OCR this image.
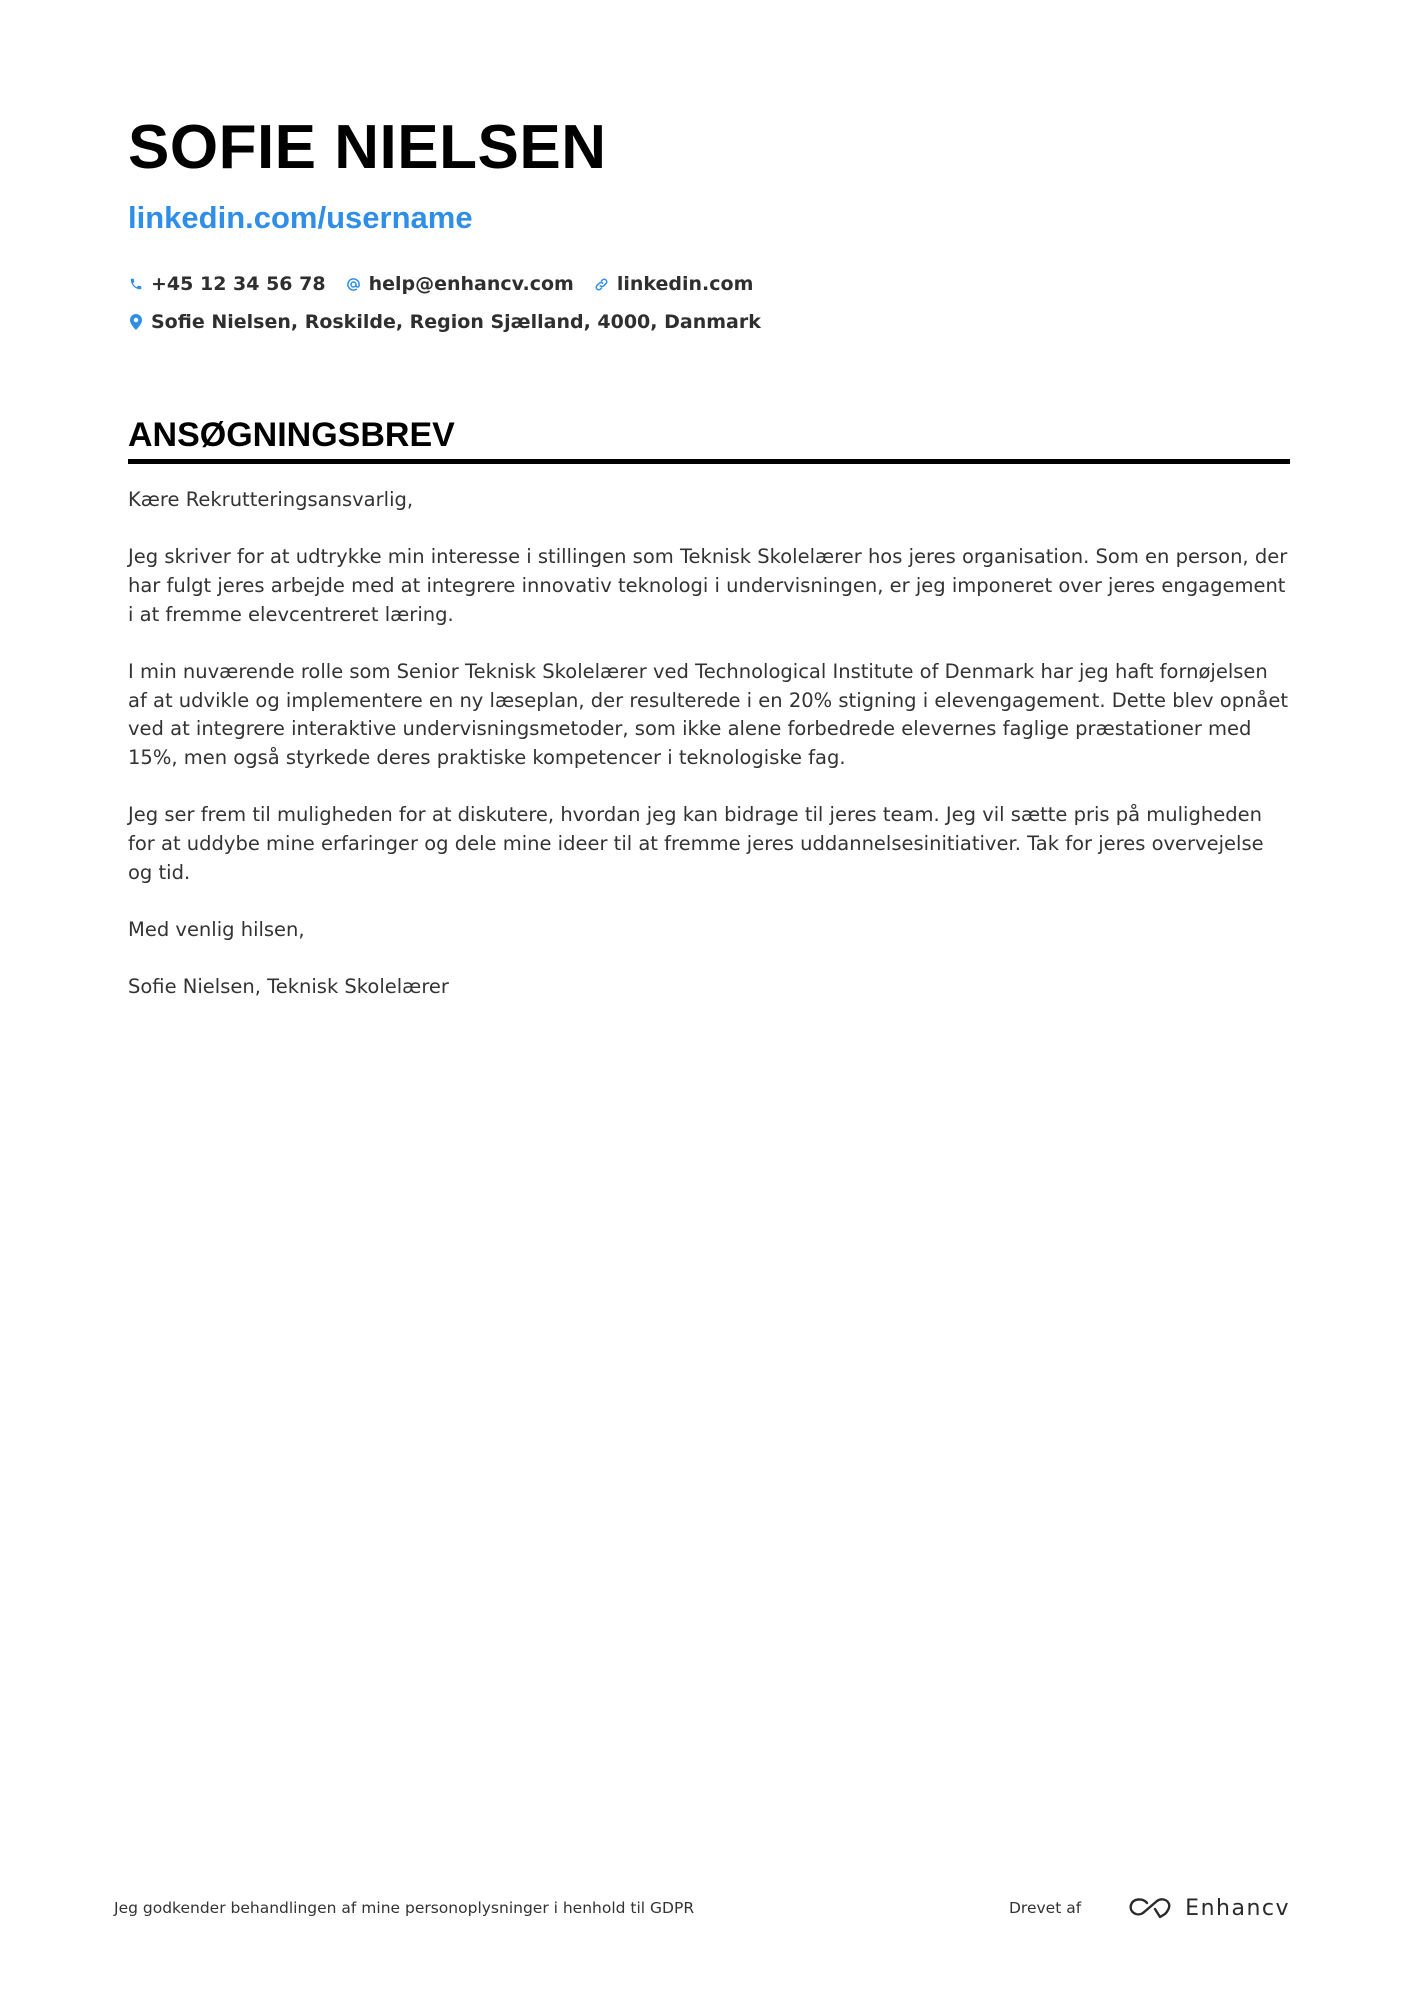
SOFIE NIELSEN
linkedin.com/username
+45 12 34 56 78 help@enhancv.com linkedin.com
Sofie Nielsen, Roskilde, Region Sjælland, 4000, Danmark
ANSØGNINGSBREV

Kære Rekrutteringsansvarlig,

Jeg skriver for at udtrykke min interesse i stillingen som Teknisk Skolelærer hos jeres organisation. Som en person, der har fulgt jeres arbejde med at integrere innovativ teknologi i undervisningen, er jeg imponeret over jeres engagement i at fremme elevcentreret læring.

I min nuværende rolle som Senior Teknisk Skolelærer ved Technological Institute of Denmark har jeg haft fornøjelsen af at udvikle og implementere en ny læseplan, der resulterede i en 20% stigning i elevengagement. Dette blev opnået ved at integrere interaktive undervisningsmetoder, som ikke alene forbedrede elevernes faglige præstationer med 15%, men også styrkede deres praktiske kompetencer i teknologiske fag.

Jeg ser frem til muligheden for at diskutere, hvordan jeg kan bidrage til jeres team. Jeg vil sætte pris på muligheden for at uddybe mine erfaringer og dele mine ideer til at fremme jeres uddannelsesinitiativer. Tak for jeres overvejelse og tid.

Med venlig hilsen,

Sofie Nielsen, Teknisk Skolelærer

Jeg godkender behandlingen af mine personoplysninger i henhold til GDPR	Drevet af	Enhancv
